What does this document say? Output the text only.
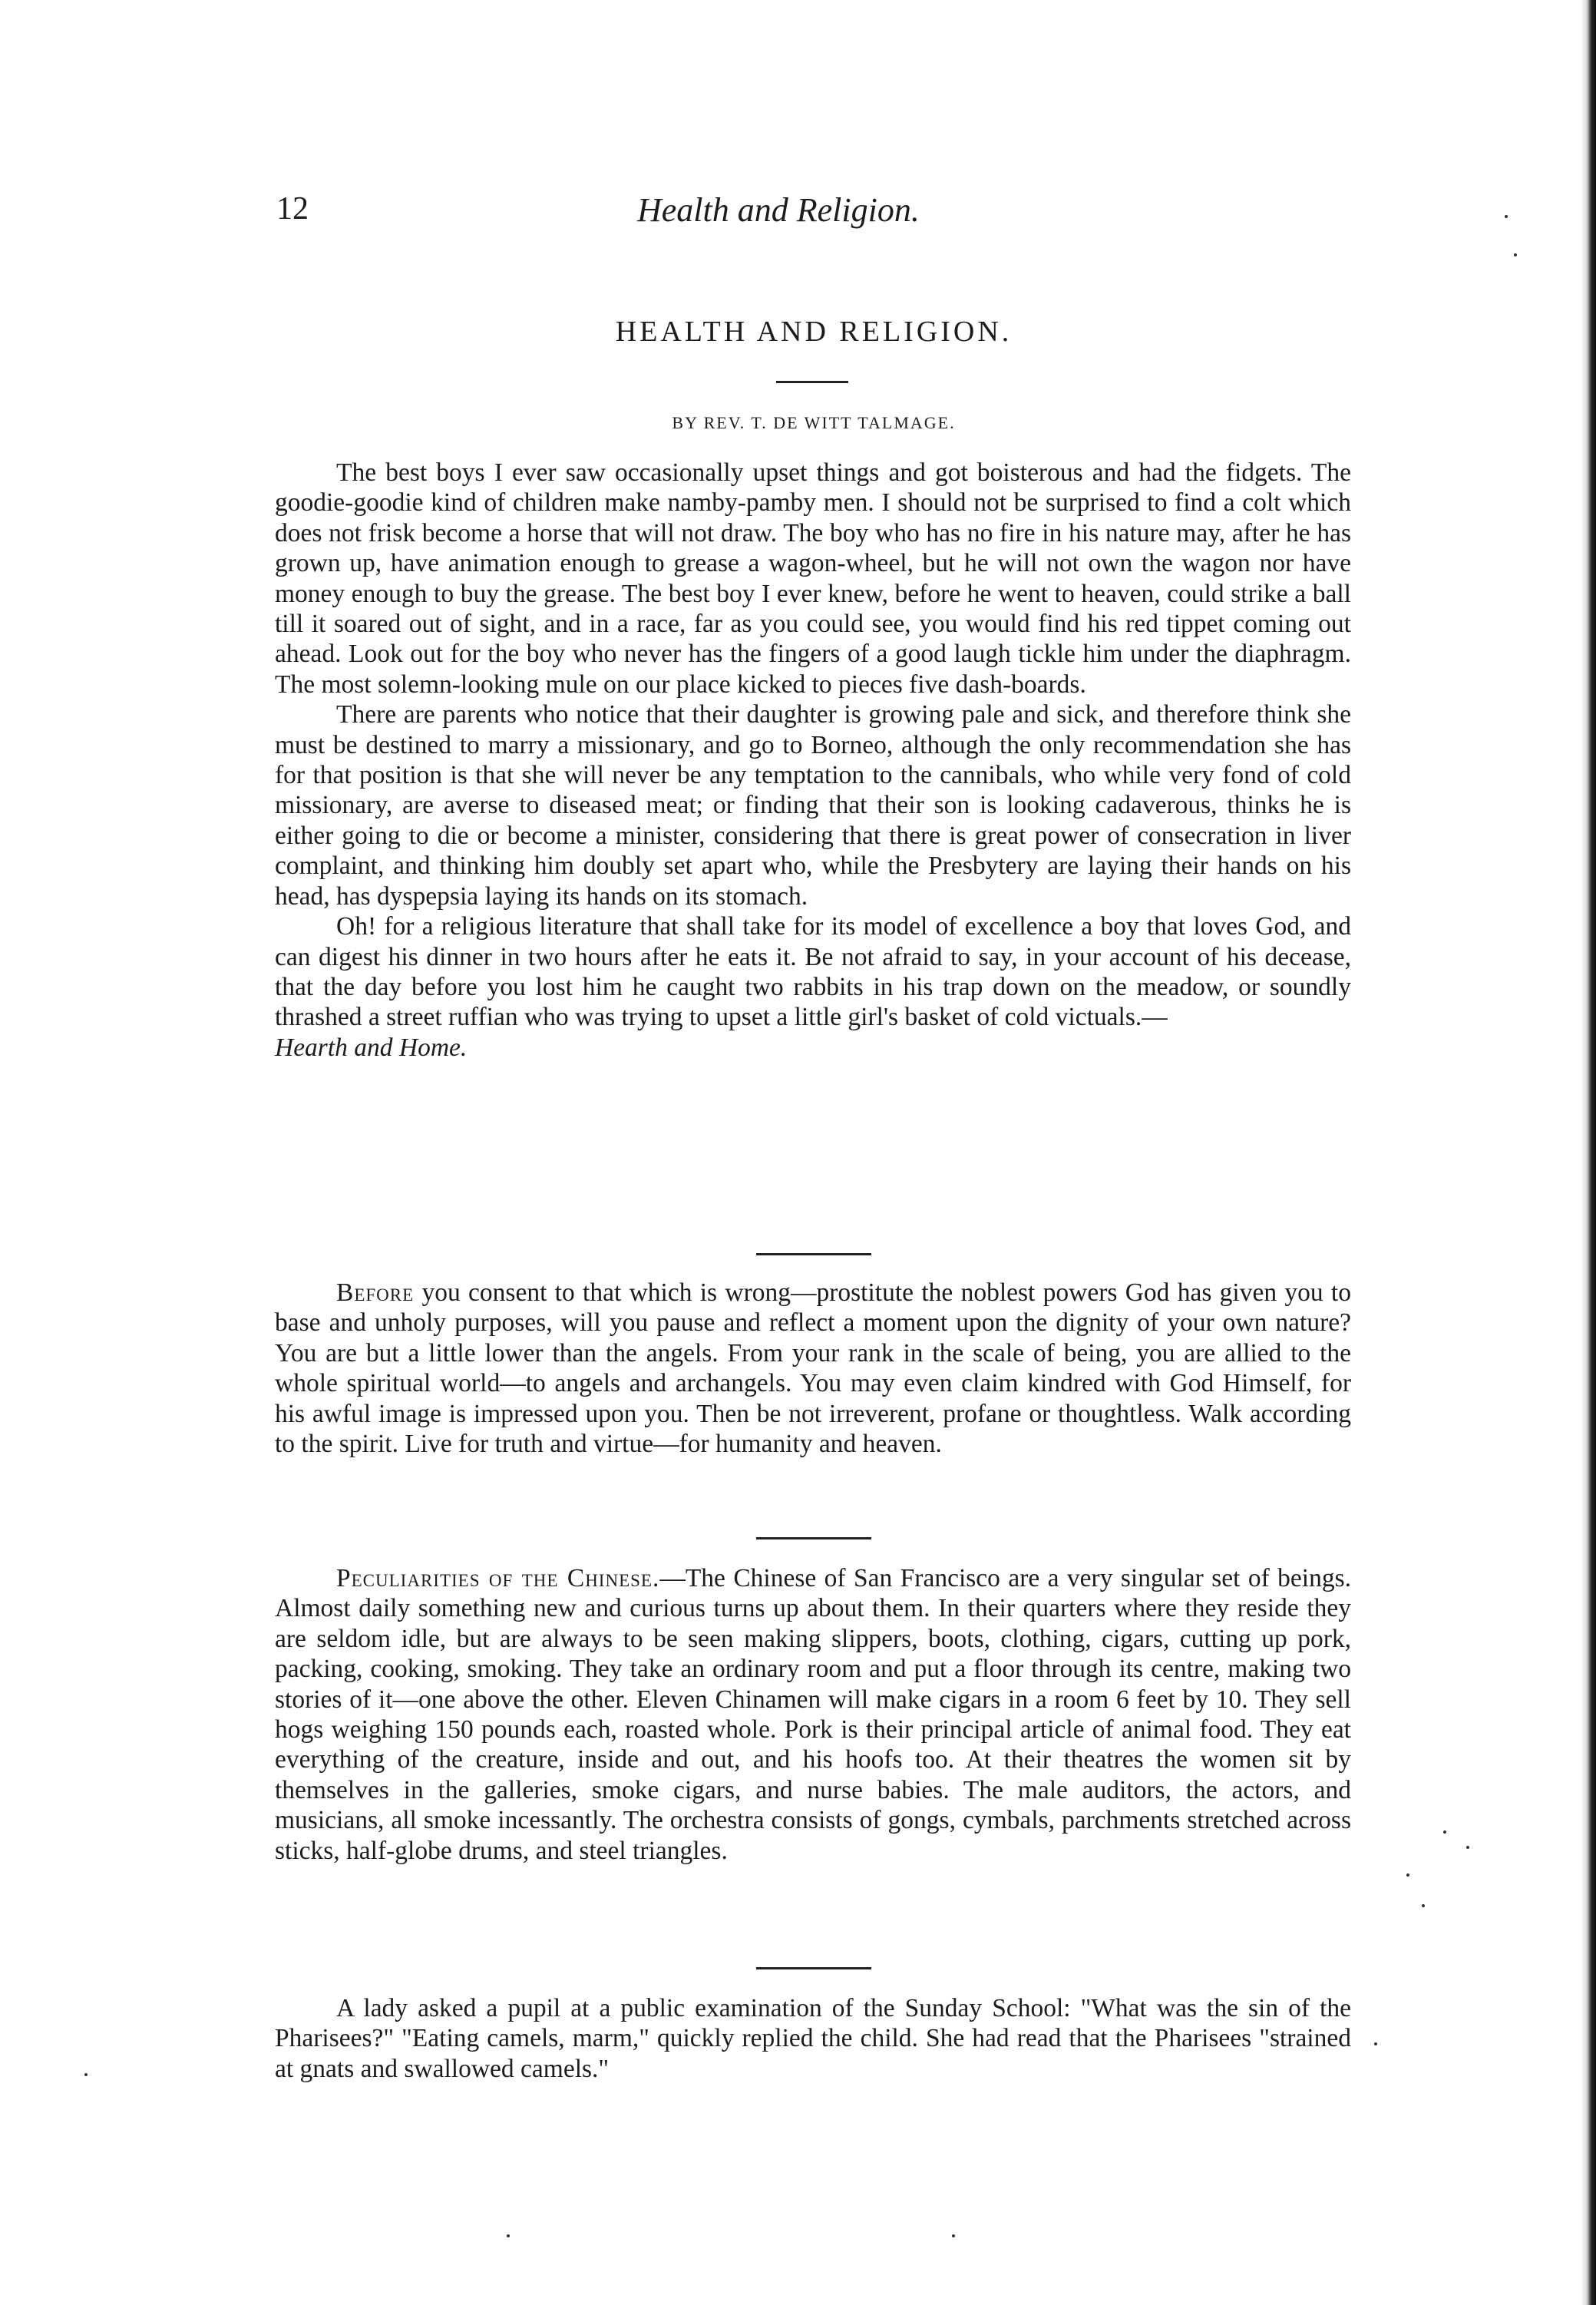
12	Health and Religion.
HEALTH AND RELIGION.
BY REV. T. DE WITT TALMAGE.

The best boys I ever saw occasionally upset things and got boisterous and had the fidgets. The goodie-goodie kind of children make namby-pamby men. I should not be surprised to find a colt which does not frisk become a horse that will not draw. The boy who has no fire in his nature may, after he has grown up, have animation enough to grease a wagon-wheel, but he will not own the wagon nor have money enough to buy the grease. The best boy I ever knew, before he went to heaven, could strike a ball till it soared out of sight, and in a race, far as you could see, you would find his red tippet coming out ahead. Look out for the boy who never has the fingers of a good laugh tickle him under the diaphragm. The most solemn-looking mule on our place kicked to pieces five dash-boards.

There are parents who notice that their daughter is growing pale and sick, and therefore think she must be destined to marry a missionary, and go to Borneo, although the only recommendation she has for that position is that she will never be any temptation to the cannibals, who while very fond of cold missionary, are averse to diseased meat; or finding that their son is looking cadaverous, thinks he is either going to die or become a minister, considering that there is great power of consecration in liver complaint, and thinking him doubly set apart who, while the Presbytery are laying their hands on his head, has dyspepsia laying its hands on its stomach.

Oh! for a religious literature that shall take for its model of excellence a boy that loves God, and can digest his dinner in two hours after he eats it. Be not afraid to say, in your account of his decease, that the day before you lost him he caught two rabbits in his trap down on the meadow, or soundly thrashed a street ruffian who was trying to upset a little girl's basket of cold victuals.—

Hearth and Home.

Before you consent to that which is wrong—prostitute the noblest powers God has given you to base and unholy purposes, will you pause and reflect a moment upon the dignity of your own nature? You are but a little lower than the angels. From your rank in the scale of being, you are allied to the whole spiritual world—to angels and archangels. You may even claim kindred with God Himself, for his awful image is impressed upon you. Then be not irreverent, profane or thoughtless. Walk according to the spirit. Live for truth and virtue—for humanity and heaven.

Peculiarities of the Chinese.—The Chinese of San Francisco are a very singular set of beings. Almost daily something new and curious turns up about them. In their quarters where they reside they are seldom idle, but are always to be seen making slippers, boots, clothing, cigars, cutting up pork, packing, cooking, smoking. They take an ordinary room and put a floor through its centre, making two stories of it—one above the other. Eleven Chinamen will make cigars in a room 6 feet by 10. They sell hogs weighing 150 pounds each, roasted whole. Pork is their principal article of animal food. They eat everything of the creature, inside and out, and his hoofs too. At their theatres the women sit by themselves in the galleries, smoke cigars, and nurse babies. The male auditors, the actors, and musicians, all smoke incessantly. The orchestra consists of gongs, cymbals, parchments stretched across sticks, half-globe drums, and steel triangles.

A lady asked a pupil at a public examination of the Sunday School: "What was the sin of the Pharisees?" "Eating camels, marm," quickly replied the child. She had read that the Pharisees "strained at gnats and swallowed camels."
